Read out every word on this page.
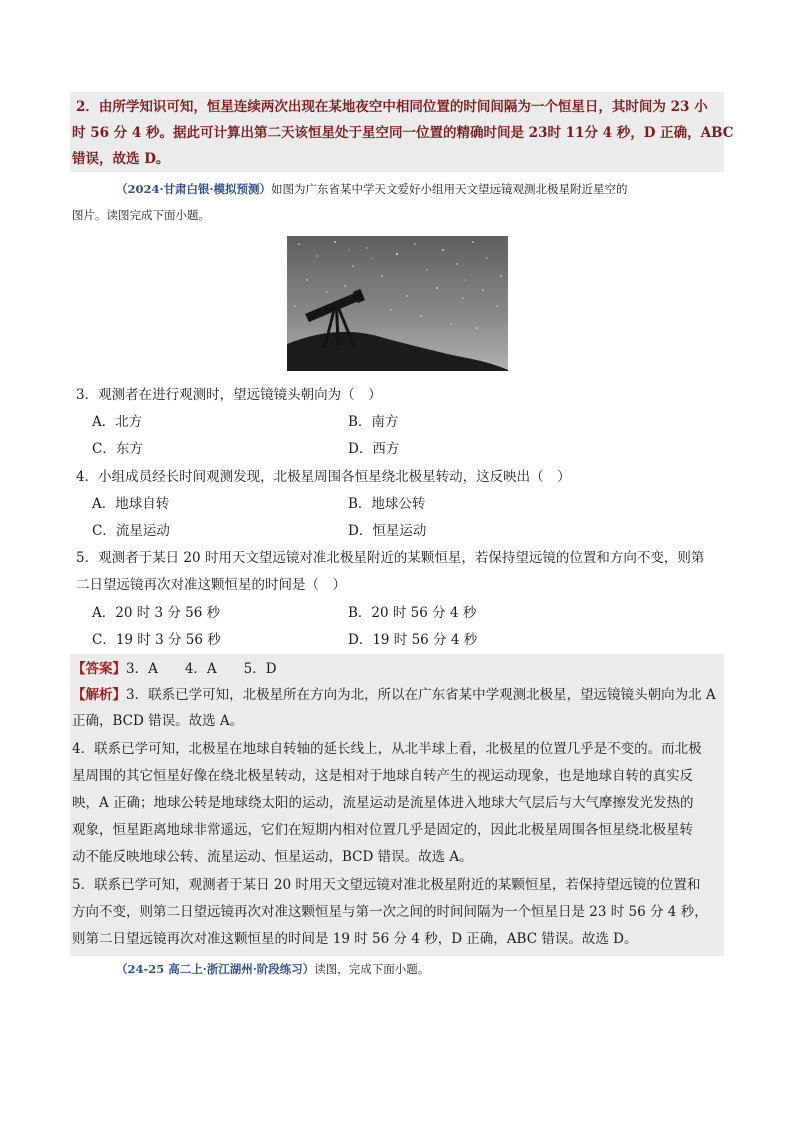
2．由所学知识可知，恒星连续两次出现在某地夜空中相同位置的时间间隔为一个恒星日，其时间为 23 小
时 56 分 4 秒。据此可计算出第二天该恒星处于星空同一位置的精确时间是 23时 11分 4 秒，D 正确，ABC
错误，故选 D。
（2024·甘肃白银·模拟预测）如图为广东省某中学天文爱好小组用天文望远镜观测北极星附近星空的
图片。读图完成下面小题。
3．观测者在进行观测时，望远镜镜头朝向为（　）
A．北方	B．南方
C．东方	D．西方
4．小组成员经长时间观测发现，北极星周围各恒星绕北极星转动，这反映出（　）
A．地球自转	B．地球公转
C．流星运动	D．恒星运动
5．观测者于某日 20 时用天文望远镜对准北极星附近的某颗恒星，若保持望远镜的位置和方向不变，则第
二日望远镜再次对准这颗恒星的时间是（　）
A．20 时 3 分 56 秒	B．20 时 56 分 4 秒
C．19 时 3 分 56 秒	D．19 时 56 分 4 秒
【答案】3．A　　4．A　　5．D
【解析】3．联系已学可知，北极星所在方向为北，所以在广东省某中学观测北极星，望远镜镜头朝向为北 A
正确，BCD 错误。故选 A。
4．联系已学可知，北极星在地球自转轴的延长线上，从北半球上看，北极星的位置几乎是不变的。而北极
星周围的其它恒星好像在绕北极星转动，这是相对于地球自转产生的视运动现象，也是地球自转的真实反
映，A 正确；地球公转是地球绕太阳的运动，流星运动是流星体进入地球大气层后与大气摩擦发光发热的
观象，恒星距离地球非常遥远，它们在短期内相对位置几乎是固定的，因此北极星周围各恒星绕北极星转
动不能反映地球公转、流星运动、恒星运动，BCD 错误。故选 A。
5．联系已学可知，观测者于某日 20 时用天文望远镜对准北极星附近的某颗恒星，若保持望远镜的位置和
方向不变，则第二日望远镜再次对准这颗恒星与第一次之间的时间间隔为一个恒星日是 23 时 56 分 4 秒，
则第二日望远镜再次对准这颗恒星的时间是 19 时 56 分 4 秒，D 正确，ABC 错误。故选 D。
（24-25 高二上·浙江湖州·阶段练习）读图，完成下面小题。
